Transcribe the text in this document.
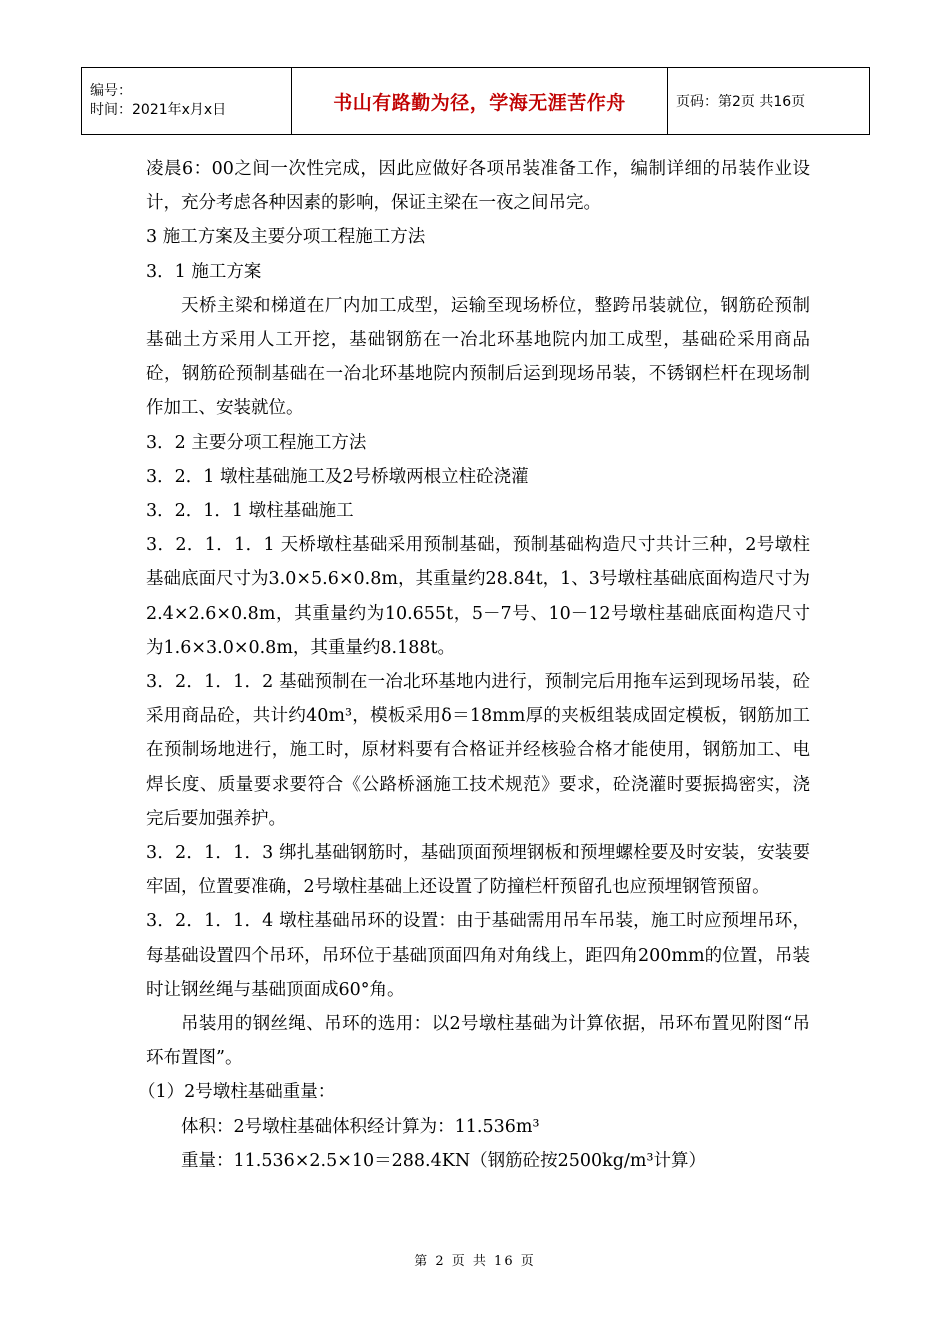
编号：
时间：2021年x月x日	书山有路勤为径，学海无涯苦作舟	页码：第2页 共16页

凌晨6：00之间一次性完成，因此应做好各项吊装准备工作，编制详细的吊装作业设计，充分考虑各种因素的影响，保证主梁在一夜之间吊完。

3 施工方案及主要分项工程施工方法

3．1 施工方案

天桥主梁和梯道在厂内加工成型，运输至现场桥位，整跨吊装就位，钢筋砼预制基础土方采用人工开挖，基础钢筋在一冶北环基地院内加工成型，基础砼采用商品砼，钢筋砼预制基础在一冶北环基地院内预制后运到现场吊装，不锈钢栏杆在现场制作加工、安装就位。

3．2 主要分项工程施工方法

3．2．1 墩柱基础施工及2号桥墩两根立柱砼浇灌

3．2．1．1 墩柱基础施工

3．2．1．1．1 天桥墩柱基础采用预制基础，预制基础构造尺寸共计三种，2号墩柱基础底面尺寸为3.0×5.6×0.8m，其重量约28.84t，1、3号墩柱基础底面构造尺寸为2.4×2.6×0.8m，其重量约为10.655t，5－7号、10－12号墩柱基础底面构造尺寸为1.6×3.0×0.8m，其重量约8.188t。

3．2．1．1．2 基础预制在一冶北环基地内进行，预制完后用拖车运到现场吊装，砼采用商品砼，共计约40m³，模板采用δ＝18mm厚的夹板组装成固定模板，钢筋加工在预制场地进行，施工时，原材料要有合格证并经核验合格才能使用，钢筋加工、电焊长度、质量要求要符合《公路桥涵施工技术规范》要求，砼浇灌时要振捣密实，浇完后要加强养护。

3．2．1．1．3 绑扎基础钢筋时，基础顶面预埋钢板和预埋螺栓要及时安装，安装要牢固，位置要准确，2号墩柱基础上还设置了防撞栏杆预留孔也应预埋钢管预留。

3．2．1．1．4 墩柱基础吊环的设置：由于基础需用吊车吊装，施工时应预埋吊环，每基础设置四个吊环，吊环位于基础顶面四角对角线上，距四角200mm的位置，吊装时让钢丝绳与基础顶面成60°角。

吊装用的钢丝绳、吊环的选用：以2号墩柱基础为计算依据，吊环布置见附图“吊环布置图”。

（1）2号墩柱基础重量：

体积：2号墩柱基础体积经计算为：11.536m³

重量：11.536×2.5×10＝288.4KN（钢筋砼按2500kg/m³计算）

第 2 页 共 16 页
